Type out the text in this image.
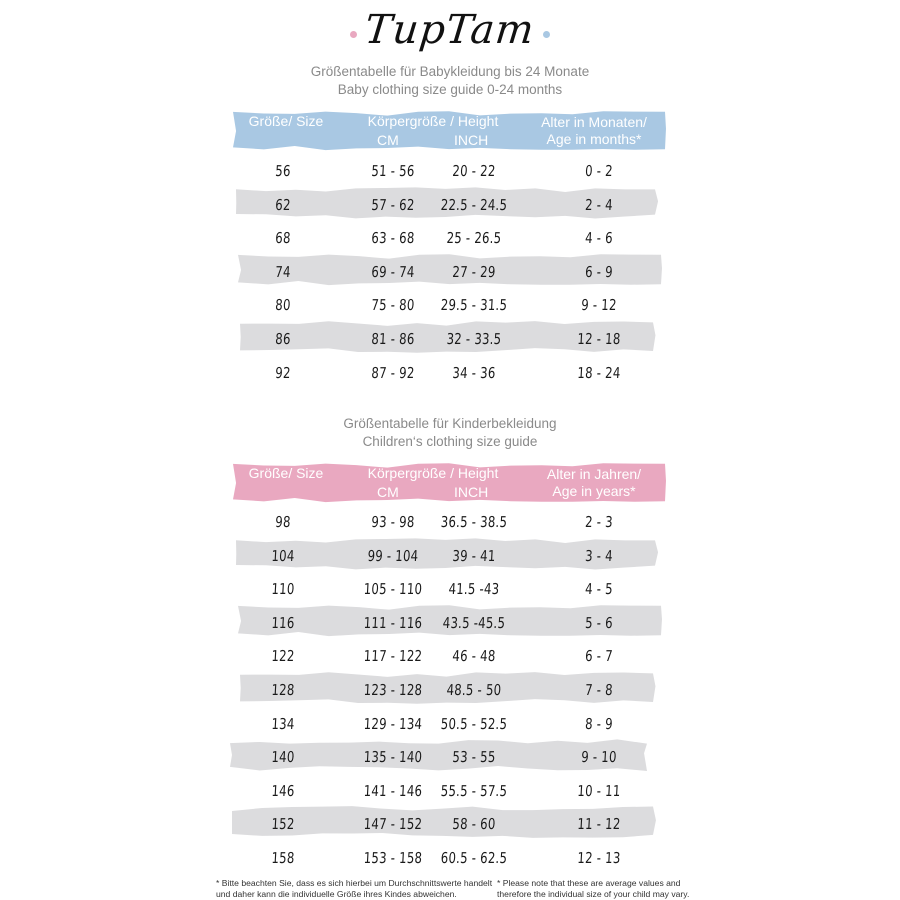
TupTam
Größentabelle für Babykleidung bis 24 Monate
Baby clothing size guide 0-24 months
Größe/ Size	Körpergröße / Height	Alter in Monaten/
Age in months*
CM	INCH
56	51 - 56	20 - 22	0 - 2
62	57 - 62	22.5 - 24.5	2 - 4
68	63 - 68	25 - 26.5	4 - 6
74	69 - 74	27 - 29	6 - 9
80	75 - 80	29.5 - 31.5	9 - 12
86	81 - 86	32 - 33.5	12 - 18
92	87 - 92	34 - 36	18 - 24
Größentabelle für Kinderbekleidung
Children‘s clothing size guide
Größe/ Size	Körpergröße / Height	Alter in Jahren/
Age in years*
CM	INCH
98	93 - 98	36.5 - 38.5	2 - 3
104	99 - 104	39 - 41	3 - 4
110	105 - 110	41.5 -43	4 - 5
116	111 - 116	43.5 -45.5	5 - 6
122	117 - 122	46 - 48	6 - 7
128	123 - 128	48.5 - 50	7 - 8
134	129 - 134	50.5 - 52.5	8 - 9
140	135 - 140	53 - 55	9 - 10
146	141 - 146	55.5 - 57.5	10 - 11
152	147 - 152	58 - 60	11 - 12
158	153 - 158	60.5 - 62.5	12 - 13
* Bitte beachten Sie, dass es sich hierbei um Durchschnittswerte handelt
und daher kann die individuelle Größe ihres Kindes abweichen.
* Please note that these are average values and
therefore the individual size of your child may vary.
